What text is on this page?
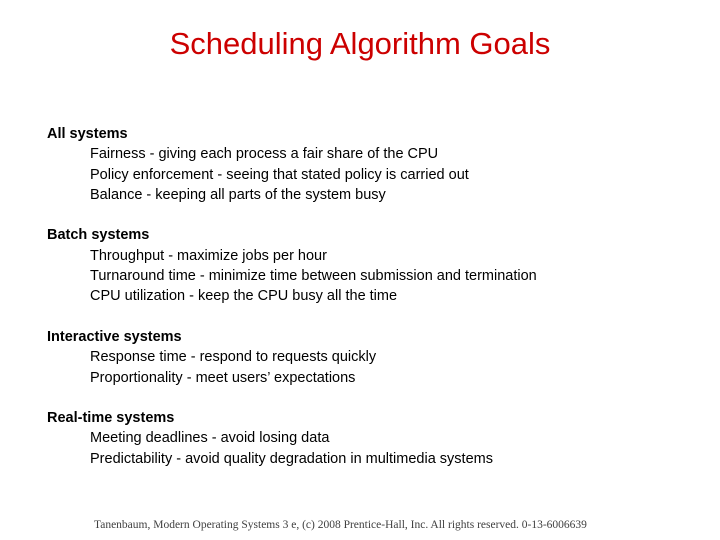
Scheduling Algorithm Goals
All systems
Fairness - giving each process a fair share of the CPU
Policy enforcement - seeing that stated policy is carried out
Balance - keeping all parts of the system busy
Batch systems
Throughput - maximize jobs per hour
Turnaround time - minimize time between submission and termination
CPU utilization - keep the CPU busy all the time
Interactive systems
Response time - respond to requests quickly
Proportionality - meet users’ expectations
Real-time systems
Meeting deadlines - avoid losing data
Predictability - avoid quality degradation in multimedia systems
Tanenbaum, Modern Operating Systems 3 e, (c) 2008 Prentice-Hall, Inc. All rights reserved. 0-13-6006639
